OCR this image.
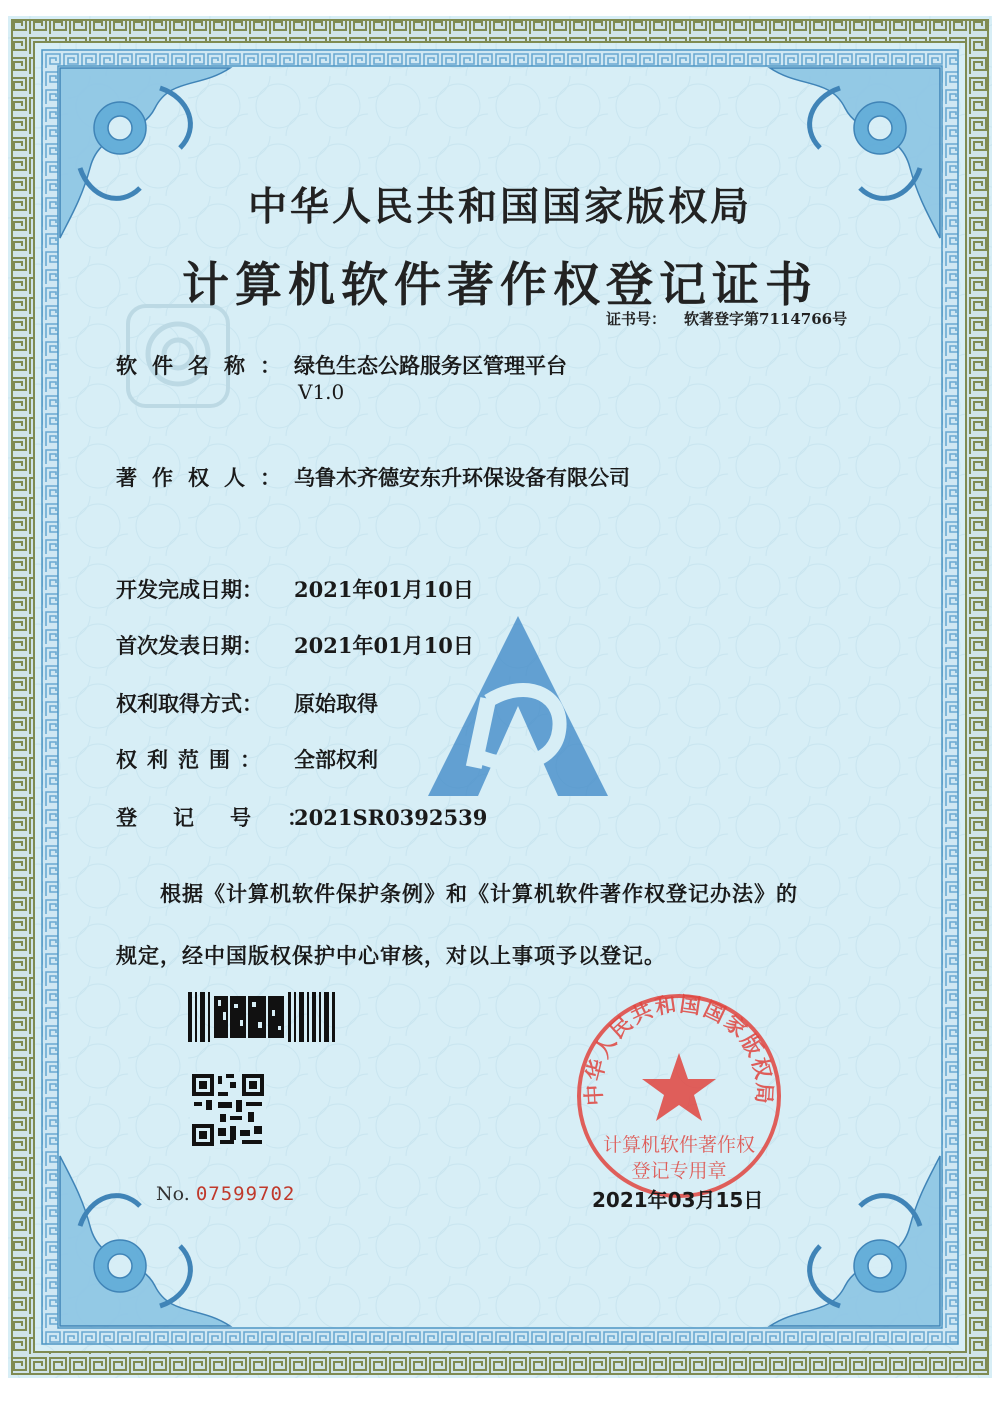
中华人民共和国国家版权局
计算机软件著作权登记证书
证书号： 软著登字第7114766号
软件名称：绿色生态公路服务区管理平台
V1.0
著作权人：乌鲁木齐德安东升环保设备有限公司
开发完成日期： 2021年01月10日
首次发表日期： 2021年01月10日
权利取得方式： 原始取得
权利范围： 全部权利
登记号：2021SR0392539
根据《计算机软件保护条例》和《计算机软件著作权登记办法》的
规定，经中国版权保护中心审核，对以上事项予以登记。
No. 07599702
中华人民共和国国家版权局
计算机软件著作权
登记专用章
2021年03月15日
